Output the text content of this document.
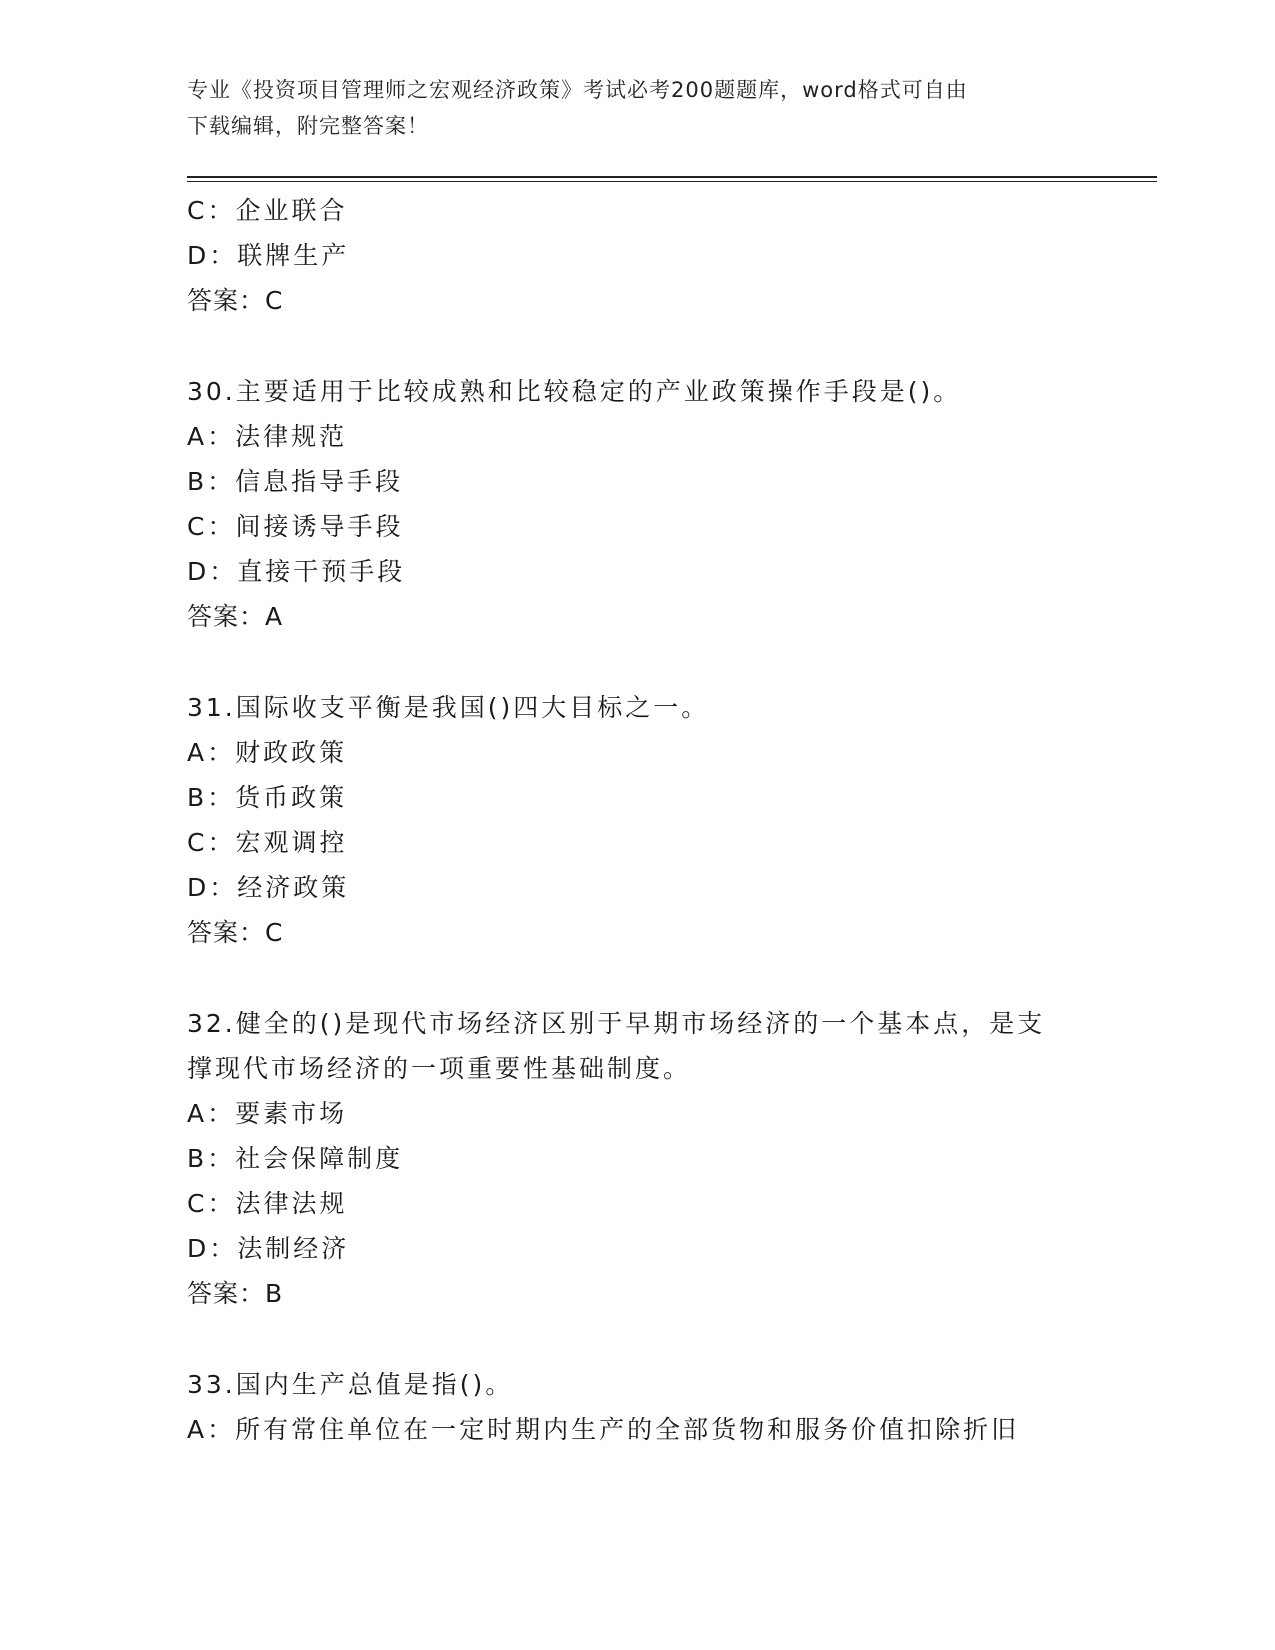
专业《投资项目管理师之宏观经济政策》考试必考200题题库，word格式可自由
下载编辑，附完整答案！
C：企业联合
D：联牌生产
答案：C
30.主要适用于比较成熟和比较稳定的产业政策操作手段是()。
A：法律规范
B：信息指导手段
C：间接诱导手段
D：直接干预手段
答案：A
31.国际收支平衡是我国()四大目标之一。
A：财政政策
B：货币政策
C：宏观调控
D：经济政策
答案：C
32.健全的()是现代市场经济区别于早期市场经济的一个基本点，是支
撑现代市场经济的一项重要性基础制度。
A：要素市场
B：社会保障制度
C：法律法规
D：法制经济
答案：B
33.国内生产总值是指()。
A：所有常住单位在一定时期内生产的全部货物和服务价值扣除折旧
